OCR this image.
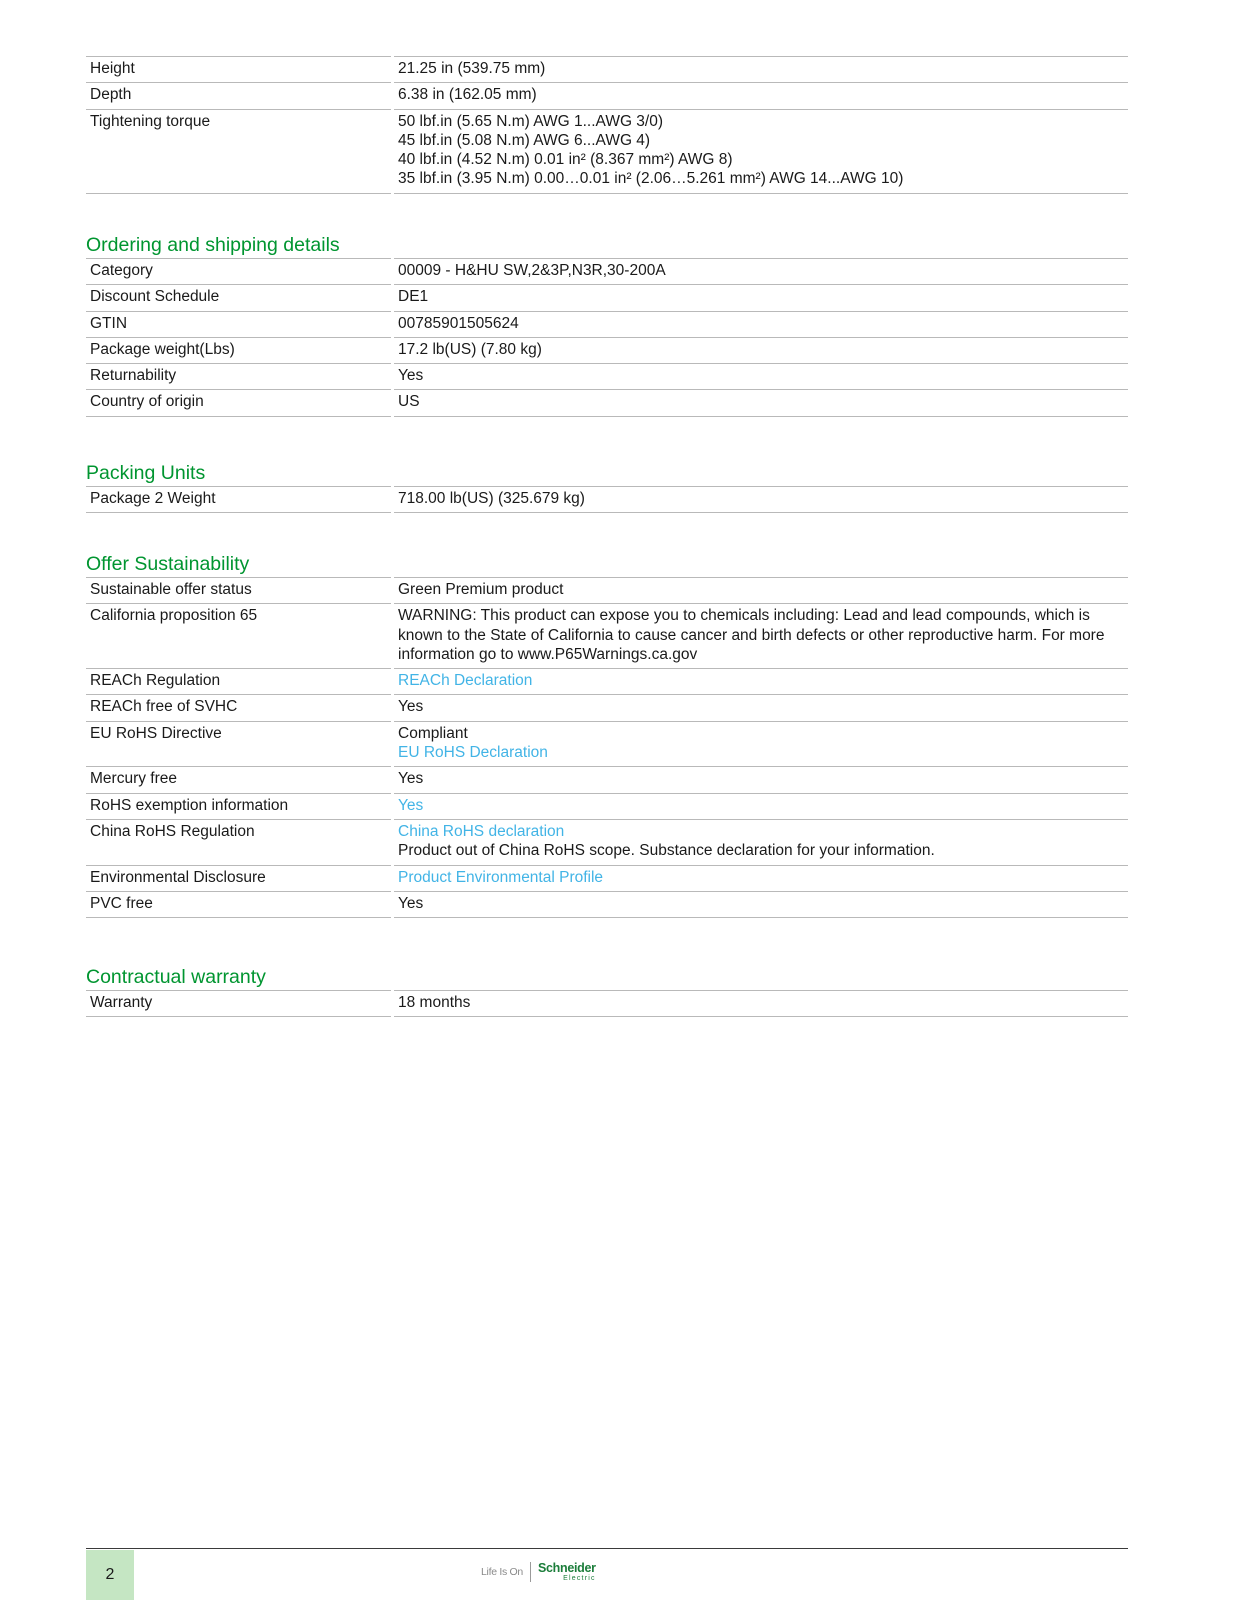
Height	21.25 in (539.75 mm)

Depth	6.38 in (162.05 mm)

Tightening torque	50 lbf.in (5.65 N.m) AWG 1...AWG 3/0)
45 lbf.in (5.08 N.m) AWG 6...AWG 4)
40 lbf.in (4.52 N.m) 0.01 in² (8.367 mm²) AWG 8)
35 lbf.in (3.95 N.m) 0.00…0.01 in² (2.06…5.261 mm²) AWG 14...AWG 10)
Ordering and shipping details
Category	00009 - H&HU SW,2&3P,N3R,30-200A

Discount Schedule	DE1

GTIN	00785901505624

Package weight(Lbs)	17.2 lb(US) (7.80 kg)

Returnability	Yes

Country of origin	US
Packing Units
Package 2 Weight	718.00 lb(US) (325.679 kg)
Offer Sustainability
Sustainable offer status	Green Premium product

California proposition 65	WARNING: This product can expose you to chemicals including: Lead and lead compounds, which is known to the State of California to cause cancer and birth defects or other reproductive harm. For more information go to www.P65Warnings.ca.gov

REACh Regulation	REACh Declaration

REACh free of SVHC	Yes

EU RoHS Directive	Compliant
EU RoHS Declaration

Mercury free	Yes

RoHS exemption information	Yes

China RoHS Regulation	China RoHS declaration
Product out of China RoHS scope. Substance declaration for your information.

Environmental Disclosure	Product Environmental Profile

PVC free	Yes
Contractual warranty
Warranty	18 months
2	Life Is On Schneider
Electric
